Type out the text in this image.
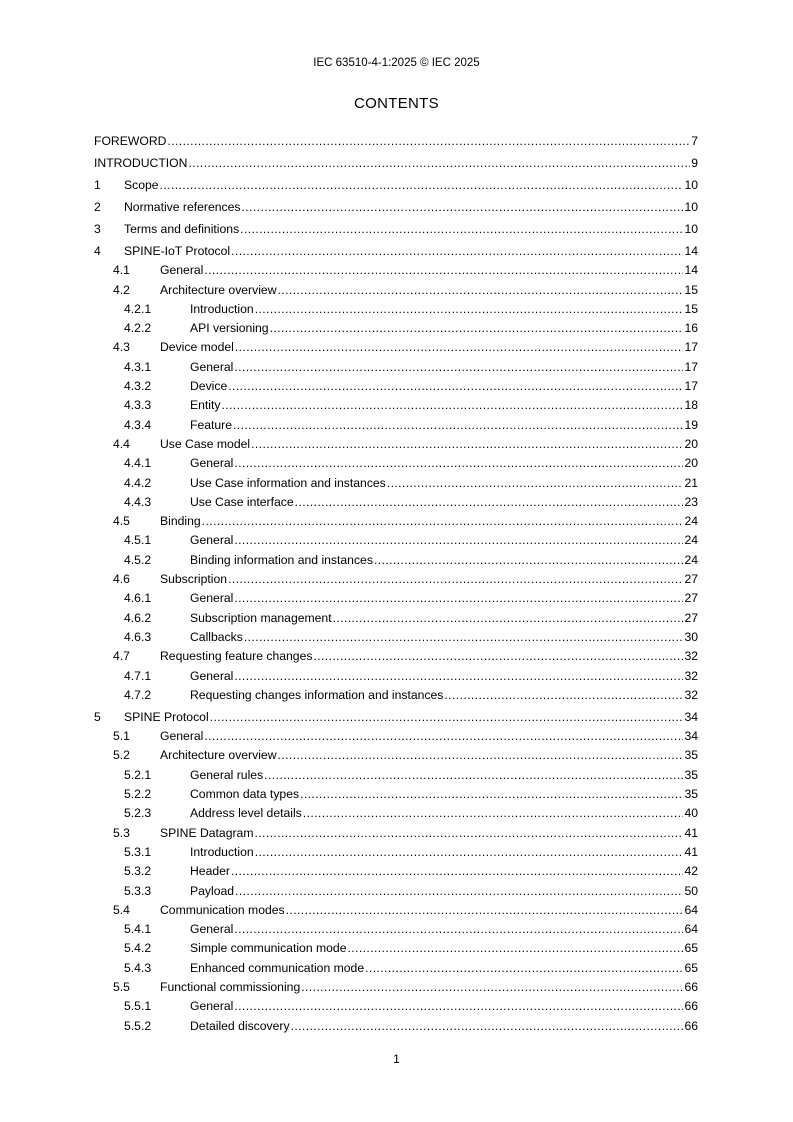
IEC 63510-4-1:2025 © IEC 2025
CONTENTS
FOREWORD .....	7
INTRODUCTION .....	9
1	Scope .....	10
2	Normative references .....	10
3	Terms and definitions .....	10
4	SPINE-IoT Protocol .....	14
4.1	General .....	14
4.2	Architecture overview .....	15
4.2.1	Introduction .....	15
4.2.2	API versioning .....	16
4.3	Device model .....	17
4.3.1	General .....	17
4.3.2	Device .....	17
4.3.3	Entity .....	18
4.3.4	Feature .....	19
4.4	Use Case model .....	20
4.4.1	General .....	20
4.4.2	Use Case information and instances .....	21
4.4.3	Use Case interface .....	23
4.5	Binding .....	24
4.5.1	General .....	24
4.5.2	Binding information and instances .....	24
4.6	Subscription .....	27
4.6.1	General .....	27
4.6.2	Subscription management .....	27
4.6.3	Callbacks .....	30
4.7	Requesting feature changes .....	32
4.7.1	General .....	32
4.7.2	Requesting changes information and instances .....	32
5	SPINE Protocol .....	34
5.1	General .....	34
5.2	Architecture overview .....	35
5.2.1	General rules .....	35
5.2.2	Common data types .....	35
5.2.3	Address level details .....	40
5.3	SPINE Datagram .....	41
5.3.1	Introduction .....	41
5.3.2	Header .....	42
5.3.3	Payload .....	50
5.4	Communication modes .....	64
5.4.1	General .....	64
5.4.2	Simple communication mode .....	65
5.4.3	Enhanced communication mode .....	65
5.5	Functional commissioning .....	66
5.5.1	General .....	66
5.5.2	Detailed discovery .....	66
1
